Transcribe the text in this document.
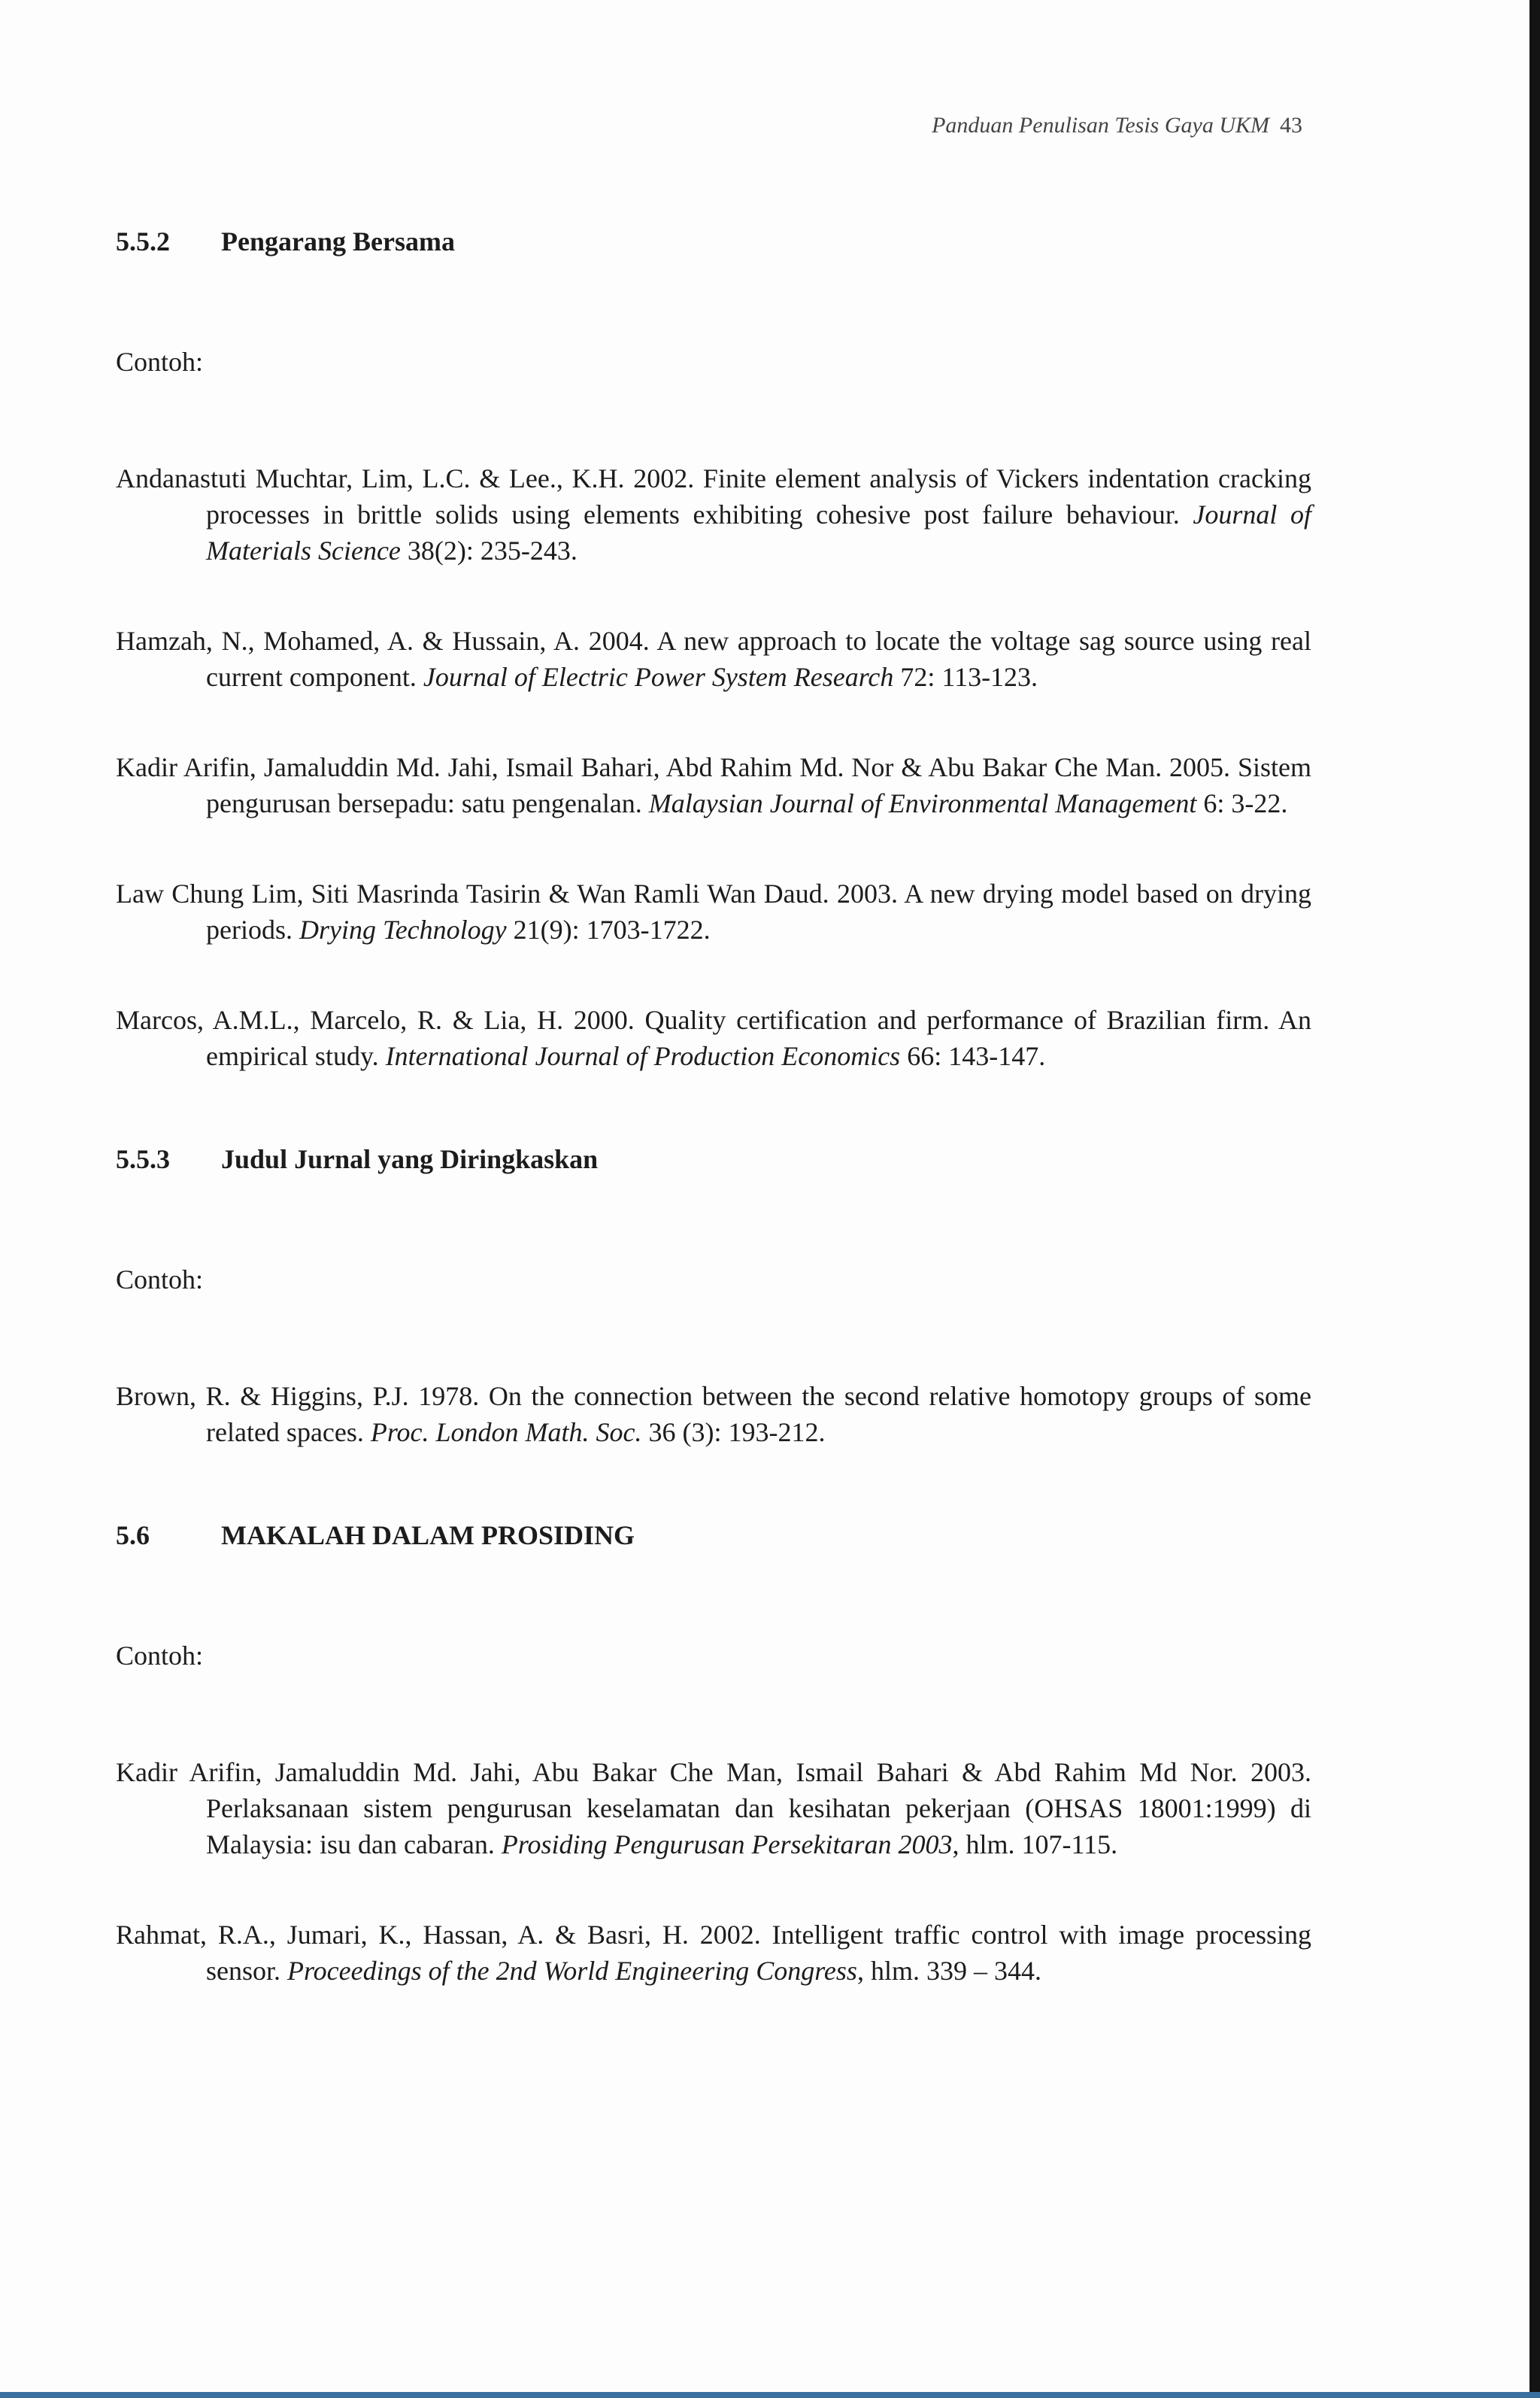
Panduan Penulisan Tesis Gaya UKM 43
5.5.2	Pengarang Bersama

Contoh:

Andanastuti Muchtar, Lim, L.C. & Lee., K.H. 2002. Finite element analysis of Vickers indentation cracking processes in brittle solids using elements exhibiting cohesive post failure behaviour. Journal of Materials Science 38(2): 235-243.

Hamzah, N., Mohamed, A. & Hussain, A. 2004. A new approach to locate the voltage sag source using real current component. Journal of Electric Power System Research 72: 113-123.

Kadir Arifin, Jamaluddin Md. Jahi, Ismail Bahari, Abd Rahim Md. Nor & Abu Bakar Che Man. 2005. Sistem pengurusan bersepadu: satu pengenalan. Malaysian Journal of Environmental Management 6: 3-22.

Law Chung Lim, Siti Masrinda Tasirin & Wan Ramli Wan Daud. 2003. A new drying model based on drying periods. Drying Technology 21(9): 1703-1722.

Marcos, A.M.L., Marcelo, R. & Lia, H. 2000. Quality certification and performance of Brazilian firm. An empirical study. International Journal of Production Economics 66: 143-147.

5.5.3	Judul Jurnal yang Diringkaskan

Contoh:

Brown, R. & Higgins, P.J. 1978. On the connection between the second relative homotopy groups of some related spaces. Proc. London Math. Soc. 36 (3): 193-212.

5.6	MAKALAH DALAM PROSIDING

Contoh:

Kadir Arifin, Jamaluddin Md. Jahi, Abu Bakar Che Man, Ismail Bahari & Abd Rahim Md Nor. 2003. Perlaksanaan sistem pengurusan keselamatan dan kesihatan pekerjaan (OHSAS 18001:1999) di Malaysia: isu dan cabaran. Prosiding Pengurusan Persekitaran 2003, hlm. 107-115.

Rahmat, R.A., Jumari, K., Hassan, A. & Basri, H. 2002. Intelligent traffic control with image processing sensor. Proceedings of the 2nd World Engineering Congress, hlm. 339 – 344.
